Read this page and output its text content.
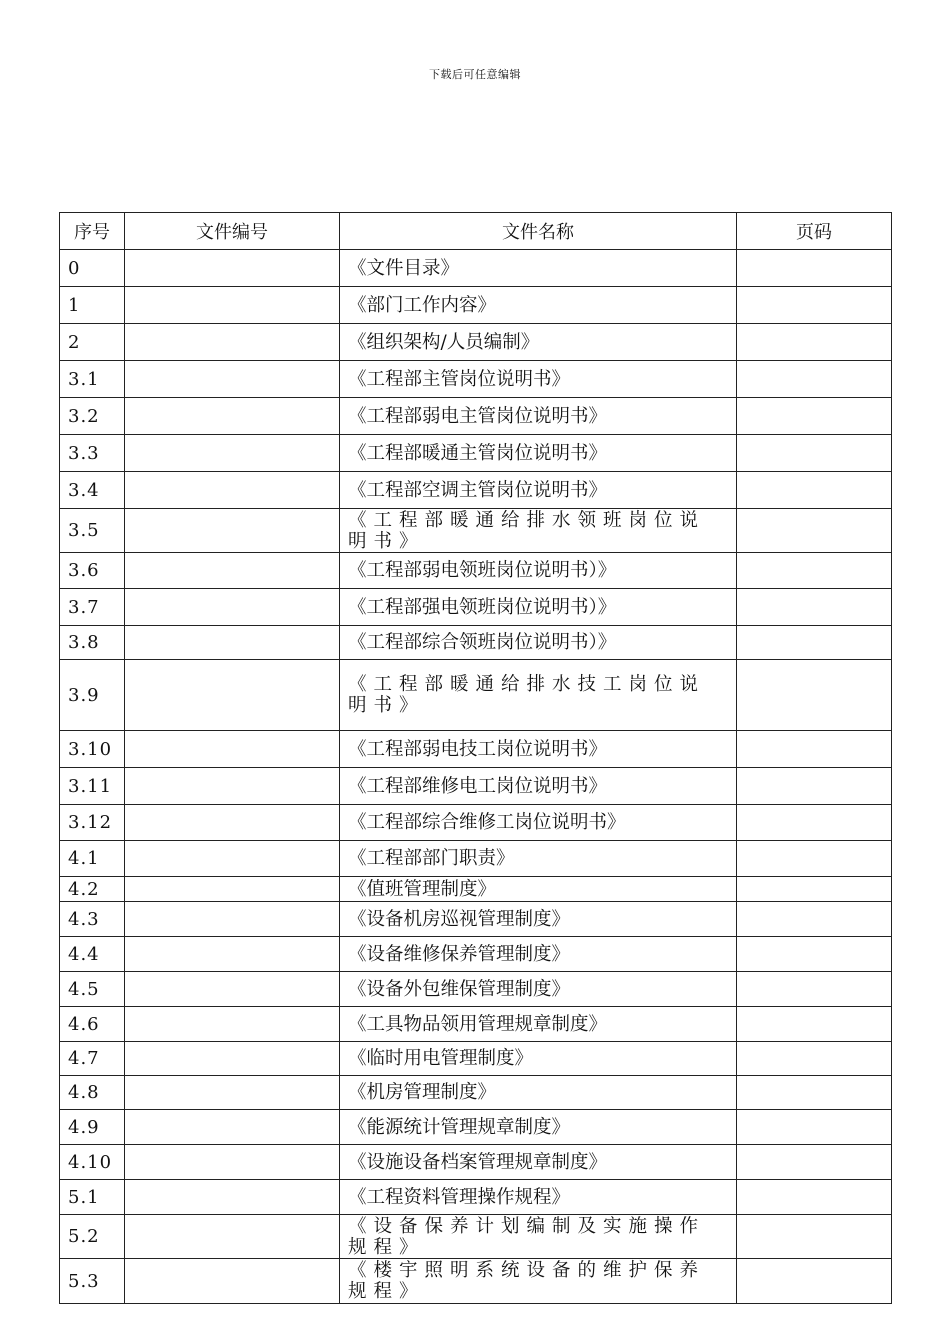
下载后可任意编辑
序号	文件编号	文件名称	页码
0		《文件目录》	
1		《部门工作内容》	
2		《组织架构/人员编制》	
3.1		《工程部主管岗位说明书》	
3.2		《工程部弱电主管岗位说明书》	
3.3		《工程部暖通主管岗位说明书》	
3.4		《工程部空调主管岗位说明书》	
3.5		《工程部暖通给排水领班岗位说明书》	
3.6		《工程部弱电领班岗位说明书）》	
3.7		《工程部强电领班岗位说明书）》	
3.8		《工程部综合领班岗位说明书）》	
3.9		《工程部暖通给排水技工岗位说明书》	
3.10		《工程部弱电技工岗位说明书》	
3.11		《工程部维修电工岗位说明书》	
3.12		《工程部综合维修工岗位说明书》	
4.1		《工程部部门职责》	
4.2		《值班管理制度》	
4.3		《设备机房巡视管理制度》	
4.4		《设备维修保养管理制度》	
4.5		《设备外包维保管理制度》	
4.6		《工具物品领用管理规章制度》	
4.7		《临时用电管理制度》	
4.8		《机房管理制度》	
4.9		《能源统计管理规章制度》	
4.10		《设施设备档案管理规章制度》	
5.1		《工程资料管理操作规程》	
5.2		《设备保养计划编制及实施操作规程》	
5.3		《楼宇照明系统设备的维护保养规程》	
